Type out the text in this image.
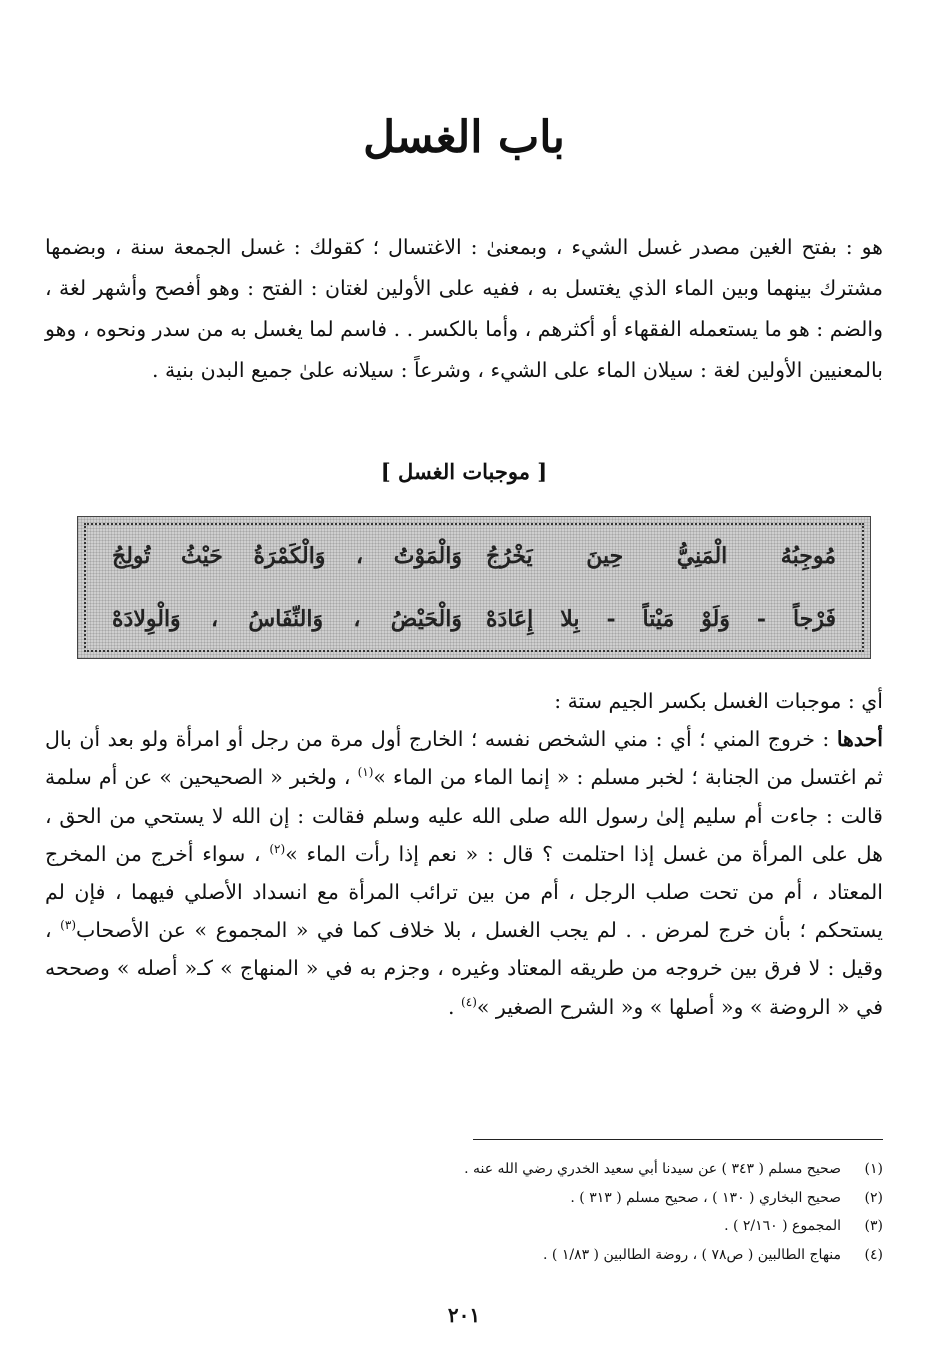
باب الغسل

هو : بفتح الغين مصدر غسل الشيء ، وبمعنىٰ : الاغتسال ؛ كقولك : غسل الجمعة سنة ، وبضمها مشترك بينهما وبين الماء الذي يغتسل به ، ففيه على الأولين لغتان : الفتح : وهو أفصح وأشهر لغة ، والضم : هو ما يستعمله الفقهاء أو أكثرهم ، وأما بالكسر . . فاسم لما يغسل به من سدر ونحوه ، وهو بالمعنيين الأولين لغة : سيلان الماء على الشيء ، وشرعاً : سيلانه علىٰ جميع البدن بنية .

[ موجبات الغسل ]
مُوجِبُهُ الْمَنِيُّ حِينَ يَخْرُجُ
وَالْمَوْتُ ، وَالْكَمْرَةُ حَيْثُ تُولِجُ
فَرْجاً - وَلَوْ مَيْتاً - بِلا إِعَادَهْ
وَالْحَيْضُ ، وَالنِّفَاسُ ، وَالْوِلادَهْ

أي : موجبات الغسل بكسر الجيم ستة :

أحدها : خروج المني ؛ أي : مني الشخص نفسه ؛ الخارج أول مرة من رجل أو امرأة ولو بعد أن بال ثم اغتسل من الجنابة ؛ لخبر مسلم : « إنما الماء من الماء »$^{(١)}$ ، ولخبر « الصحيحين » عن أم سلمة قالت : جاءت أم سليم إلىٰ رسول الله صلى الله عليه وسلم فقالت : إن الله لا يستحي من الحق ، هل على المرأة من غسل إذا احتلمت ؟ قال : « نعم إذا رأت الماء »$^{(٢)}$ ، سواء أخرج من المخرج المعتاد ، أم من تحت صلب الرجل ، أم من بين ترائب المرأة مع انسداد الأصلي فيهما ، فإن لم يستحكم ؛ بأن خرج لمرض . . لم يجب الغسل ، بلا خلاف كما في « المجموع » عن الأصحاب$^{(٣)}$ ، وقيل : لا فرق بين خروجه من طريقه المعتاد وغيره ، وجزم به في « المنهاج » كـ« أصله » وصححه في « الروضة » و« أصلها » و« الشرح الصغير »$^{(٤)}$ .

(١)
صحيح مسلم ( ٣٤٣ ) عن سيدنا أبي سعيد الخدري رضي الله عنه .
(٢)
صحيح البخاري ( ١٣٠ ) ، صحيح مسلم ( ٣١٣ ) .
(٣)
المجموع ( ٢/١٦٠ ) .
(٤)
منهاج الطالبين ( ص٧٨ ) ، روضة الطالبين ( ١/٨٣ ) .
٢٠١
